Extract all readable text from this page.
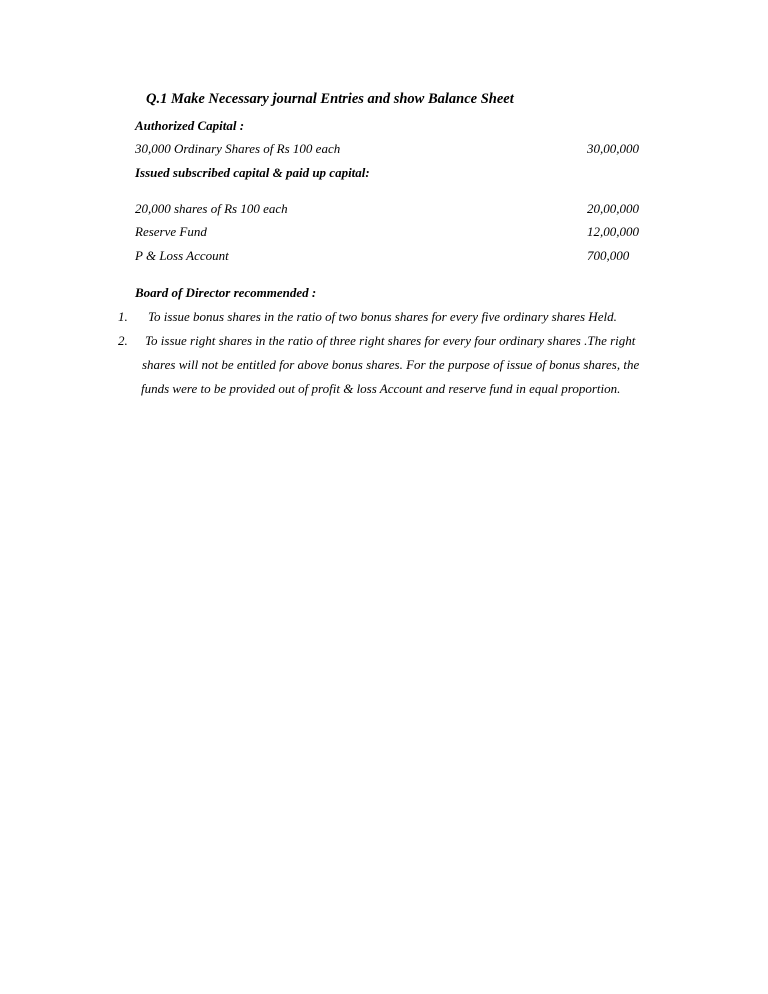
Q.1 Make Necessary journal Entries and show Balance Sheet
Authorized Capital :
30,000 Ordinary Shares of Rs 100 each	30,00,000
Issued subscribed capital & paid up capital:
20,000 shares of Rs 100 each	20,00,000
Reserve Fund	12,00,000
P & Loss Account	700,000
Board of Director recommended :
1. To issue bonus shares in the ratio of two bonus shares for every five ordinary shares Held.
2. To issue right shares in the ratio of three right shares for every four ordinary shares .The right
shares will not be entitled for above bonus shares. For the purpose of issue of bonus shares, the
funds were to be provided out of profit & loss Account and reserve fund in equal proportion.
